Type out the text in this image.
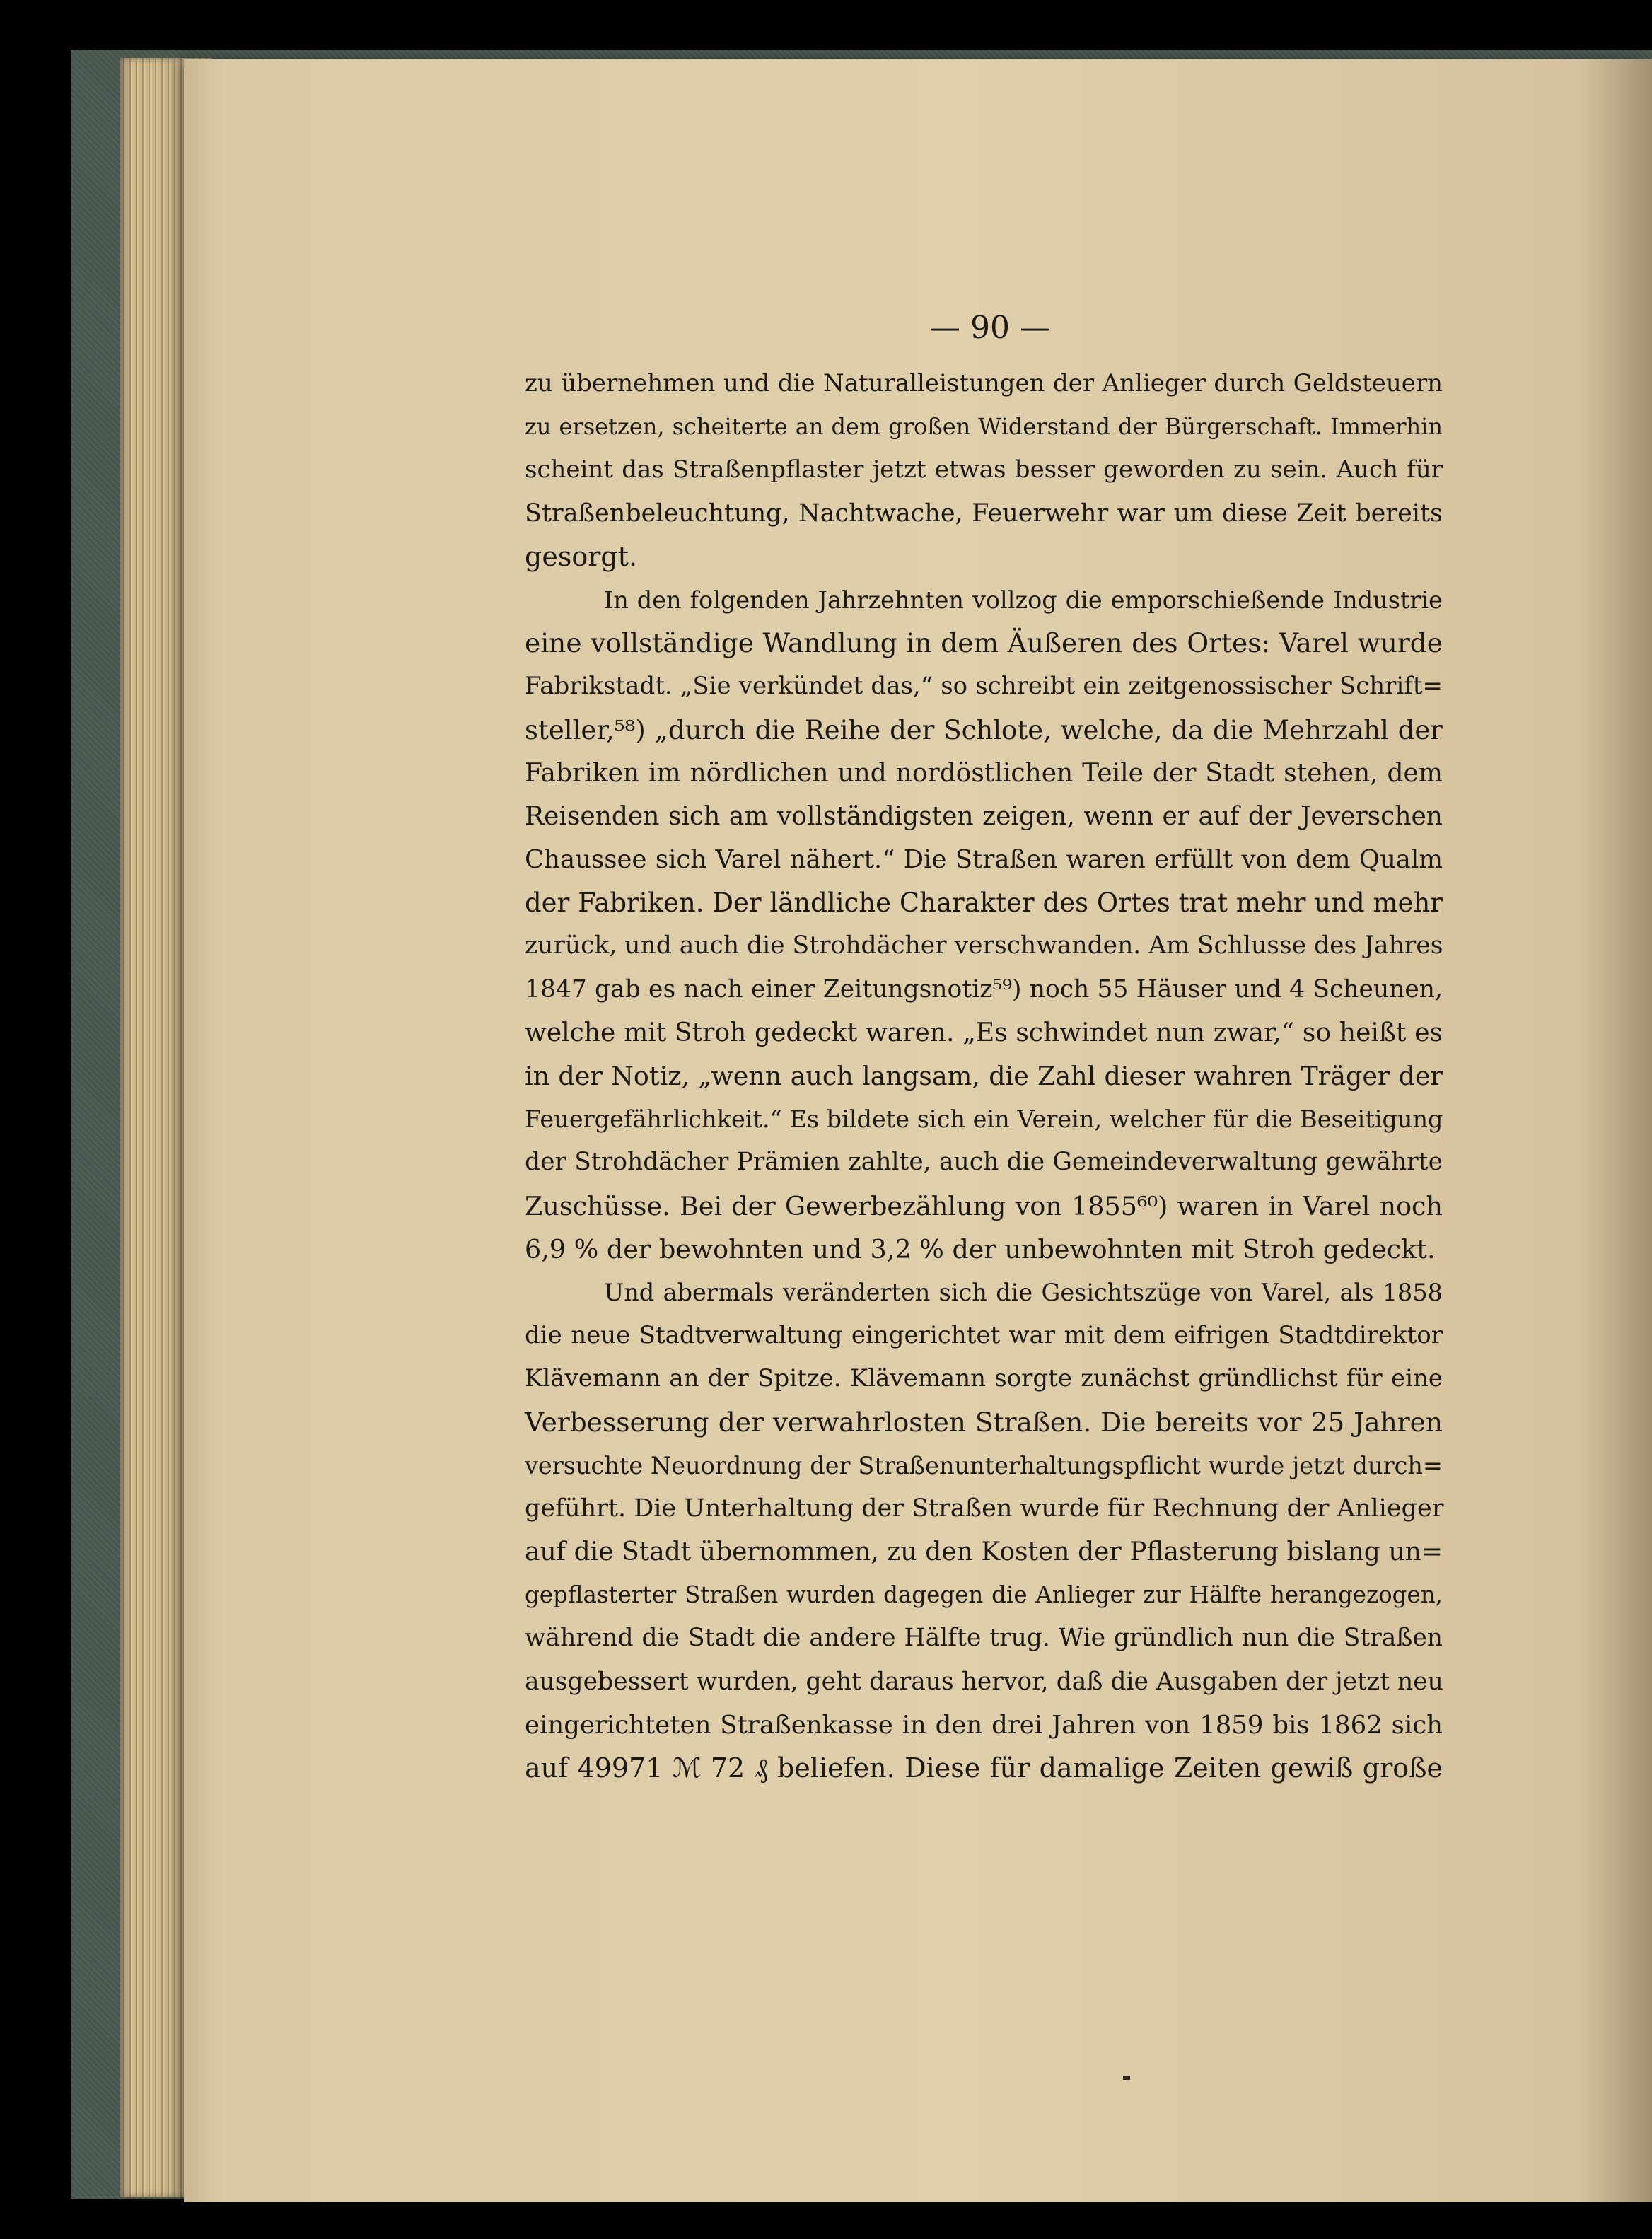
— 90 —
zu übernehmen und die Naturalleistungen der Anlieger durch Geldsteuern
zu ersetzen, scheiterte an dem großen Widerstand der Bürgerschaft. Immerhin
scheint das Straßenpflaster jetzt etwas besser geworden zu sein. Auch für
Straßenbeleuchtung, Nachtwache, Feuerwehr war um diese Zeit bereits
gesorgt.
In den folgenden Jahrzehnten vollzog die emporschießende Industrie
eine vollständige Wandlung in dem Äußeren des Ortes: Varel wurde
Fabrikstadt. „Sie verkündet das,“ so schreibt ein zeitgenossischer Schrift=
steller,⁵⁸) „durch die Reihe der Schlote, welche, da die Mehrzahl der
Fabriken im nördlichen und nordöstlichen Teile der Stadt stehen, dem
Reisenden sich am vollständigsten zeigen, wenn er auf der Jeverschen
Chaussee sich Varel nähert.“ Die Straßen waren erfüllt von dem Qualm
der Fabriken. Der ländliche Charakter des Ortes trat mehr und mehr
zurück, und auch die Strohdächer verschwanden. Am Schlusse des Jahres
1847 gab es nach einer Zeitungsnotiz⁵⁹) noch 55 Häuser und 4 Scheunen,
welche mit Stroh gedeckt waren. „Es schwindet nun zwar,“ so heißt es
in der Notiz, „wenn auch langsam, die Zahl dieser wahren Träger der
Feuergefährlichkeit.“ Es bildete sich ein Verein, welcher für die Beseitigung
der Strohdächer Prämien zahlte, auch die Gemeindeverwaltung gewährte
Zuschüsse. Bei der Gewerbezählung von 1855⁶⁰) waren in Varel noch
6,9 % der bewohnten und 3,2 % der unbewohnten mit Stroh gedeckt.
Und abermals veränderten sich die Gesichtszüge von Varel, als 1858
die neue Stadtverwaltung eingerichtet war mit dem eifrigen Stadtdirektor
Klävemann an der Spitze. Klävemann sorgte zunächst gründlichst für eine
Verbesserung der verwahrlosten Straßen. Die bereits vor 25 Jahren
versuchte Neuordnung der Straßenunterhaltungspflicht wurde jetzt durch=
geführt. Die Unterhaltung der Straßen wurde für Rechnung der Anlieger
auf die Stadt übernommen, zu den Kosten der Pflasterung bislang un=
gepflasterter Straßen wurden dagegen die Anlieger zur Hälfte herangezogen,
während die Stadt die andere Hälfte trug. Wie gründlich nun die Straßen
ausgebessert wurden, geht daraus hervor, daß die Ausgaben der jetzt neu
eingerichteten Straßenkasse in den drei Jahren von 1859 bis 1862 sich
auf 49971 ℳ 72 ₰ beliefen. Diese für damalige Zeiten gewiß große
